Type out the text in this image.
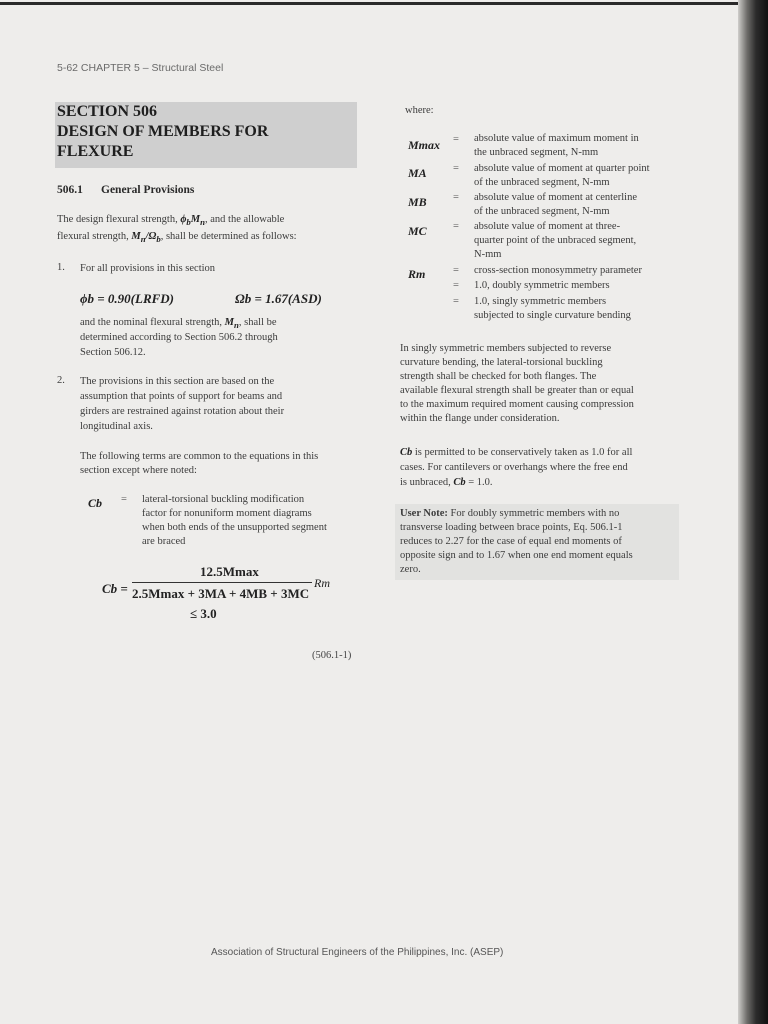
5-62 CHAPTER 5 – Structural Steel
SECTION 506
DESIGN OF MEMBERS FOR
FLEXURE
506.1 General Provisions
The design flexural strength, $\phi_bM_n$, and the allowable
flexural strength, $M_n/\Omega_b$, shall be determined as follows:
1. For all provisions in this section
ϕb = 0.90(LRFD)	Ωb = 1.67(ASD)
and the nominal flexural strength, $M_n$, shall be
determined according to Section 506.2 through
Section 506.12.
2. The provisions in this section are based on the
assumption that points of support for beams and
girders are restrained against rotation about their
longitudinal axis.
The following terms are common to the equations in this
section except where noted:
Cb = lateral-torsional buckling modification
factor for nonuniform moment diagrams
when both ends of the unsupported segment
are braced
Cb =
12.5Mmax
2.5Mmax + 3MA + 4MB + 3MC
Rm
≤ 3.0
(506.1-1)
where:
Mmax = absolute value of maximum moment in
the unbraced segment, N-mm
MA	= absolute value of moment at quarter point
of the unbraced segment, N-mm
MB	= absolute value of moment at centerline
of the unbraced segment, N-mm
MC	= absolute value of moment at three-
quarter point of the unbraced segment,
N-mm
Rm	= cross-section monosymmetry parameter
= 1.0, doubly symmetric members
= 1.0, singly symmetric members
subjected to single curvature bending
In singly symmetric members subjected to reverse
curvature bending, the lateral-torsional buckling
strength shall be checked for both flanges. The
available flexural strength shall be greater than or equal
to the maximum required moment causing compression
within the flange under consideration.
Cb is permitted to be conservatively taken as 1.0 for all
cases. For cantilevers or overhangs where the free end
is unbraced, Cb = 1.0.
User Note: For doubly symmetric members with no
transverse loading between brace points, Eq. 506.1-1
reduces to 2.27 for the case of equal end moments of
opposite sign and to 1.67 when one end moment equals
zero.
Association of Structural Engineers of the Philippines, Inc. (ASEP)
